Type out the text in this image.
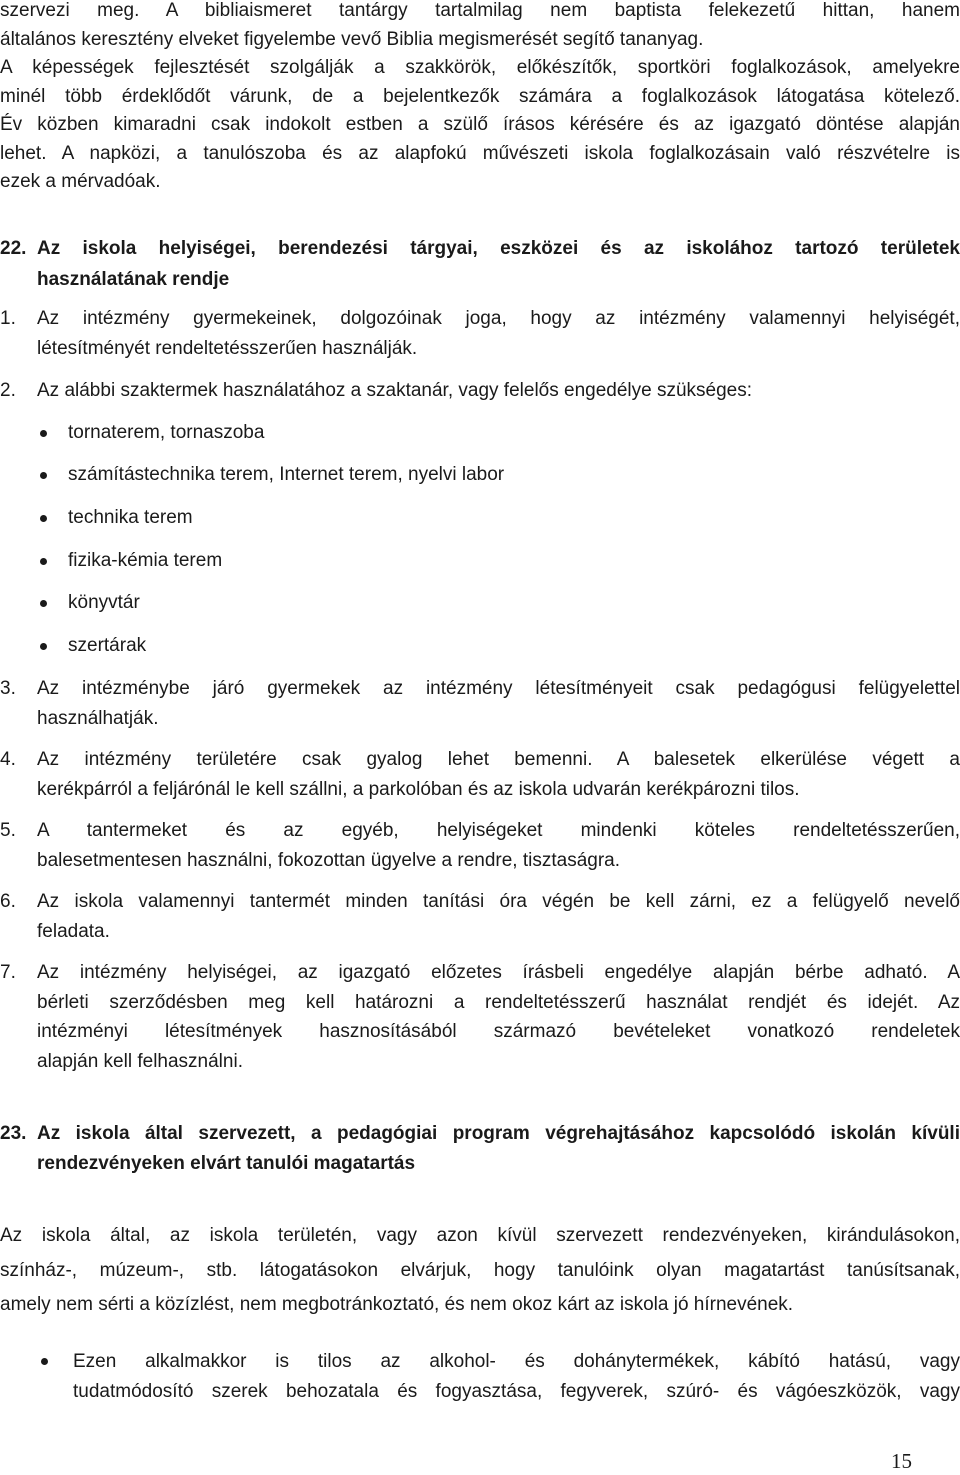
szervezi meg. A bibliaismeret tantárgy tartalmilag nem baptista felekezetű hittan, hanem
általános keresztény elveket figyelembe vevő Biblia megismerését segítő tananyag.
A képességek fejlesztését szolgálják a szakkörök, előkészítők, sportköri foglalkozások, amelyekre
minél több érdeklődőt várunk, de a bejelentkezők számára a foglalkozások látogatása kötelező.
Év közben kimaradni csak indokolt estben a szülő írásos kérésére és az igazgató döntése alapján
lehet. A napközi, a tanulószoba és az alapfokú művészeti iskola foglalkozásain való részvételre is
ezek a mérvadóak.
22. Az iskola helyiségei, berendezési tárgyai, eszközei és az iskolához tartozó területek
használatának rendje
1. Az intézmény gyermekeinek, dolgozóinak joga, hogy az intézmény valamennyi helyiségét,
létesítményét rendeltetésszerűen használják.
2. Az alábbi szaktermek használatához a szaktanár, vagy felelős engedélye szükséges:
tornaterem, tornaszoba
számítástechnika terem, Internet terem, nyelvi labor
technika terem
fizika-kémia terem
könyvtár
szertárak
3. Az intézménybe járó gyermekek az intézmény létesítményeit csak pedagógusi felügyelettel
használhatják.
4. Az intézmény területére csak gyalog lehet bemenni. A balesetek elkerülése végett a
kerékpárról a feljárónál le kell szállni, a parkolóban és az iskola udvarán kerékpározni tilos.
5. A tantermeket és az egyéb, helyiségeket mindenki köteles rendeltetésszerűen,
balesetmentesen használni, fokozottan ügyelve a rendre, tisztaságra.
6. Az iskola valamennyi tantermét minden tanítási óra végén be kell zárni, ez a felügyelő nevelő
feladata.
7. Az intézmény helyiségei, az igazgató előzetes írásbeli engedélye alapján bérbe adható. A
bérleti szerződésben meg kell határozni a rendeltetésszerű használat rendjét és idejét. Az
intézményi létesítmények hasznosításából származó bevételeket vonatkozó rendeletek
alapján kell felhasználni.
23. Az iskola által szervezett, a pedagógiai program végrehajtásához kapcsolódó iskolán kívüli
rendezvényeken elvárt tanulói magatartás
Az iskola által, az iskola területén, vagy azon kívül szervezett rendezvényeken, kirándulásokon,
színház-, múzeum-, stb. látogatásokon elvárjuk, hogy tanulóink olyan magatartást tanúsítsanak,
amely nem sérti a közízlést, nem megbotránkoztató, és nem okoz kárt az iskola jó hírnevének.
Ezen alkalmakkor is tilos az alkohol- és dohánytermékek, kábító hatású, vagy
tudatmódosító szerek behozatala és fogyasztása, fegyverek, szúró- és vágóeszközök, vagy
15
